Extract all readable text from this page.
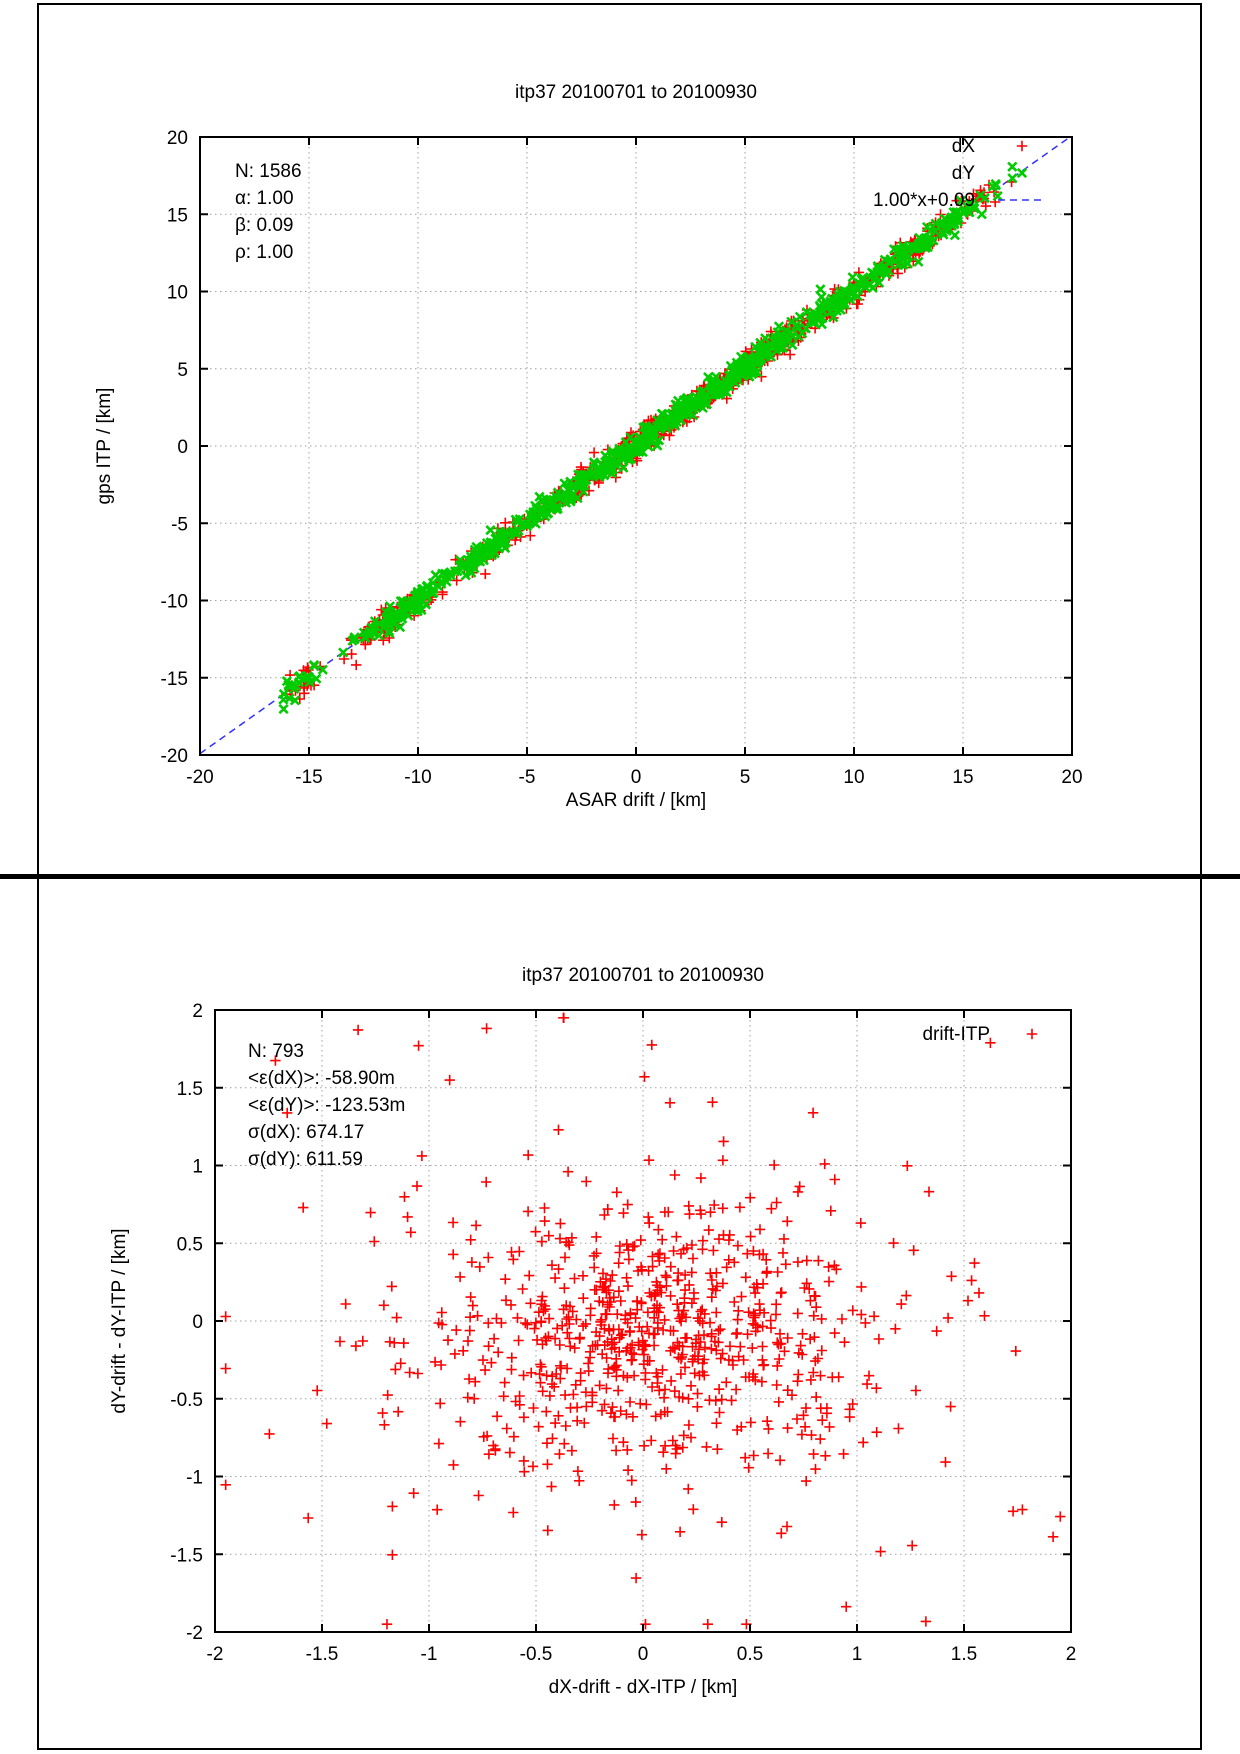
-20	-15	-10	-5	0	5	10	15	20
-20
-15
-10
-5
0
5
10
15
20
itp37 20100701 to 20100930
ASAR drift / [km]
gps ITP / [km]
N: 1586
α: 1.00
β: 0.09
ρ: 1.00
dX
dY
1.00*x+0.09
-2	-1.5	-1	-0.5	0	0.5	1	1.5	2
-2
-1.5
-1
-0.5
0
0.5
1
1.5
2
itp37 20100701 to 20100930
dX-drift - dX-ITP / [km]
dY-drift - dY-ITP / [km]
N: 793
<ε(dX)>: -58.90m
<ε(dY)>: -123.53m
σ(dX): 674.17
σ(dY): 611.59
drift-ITP
